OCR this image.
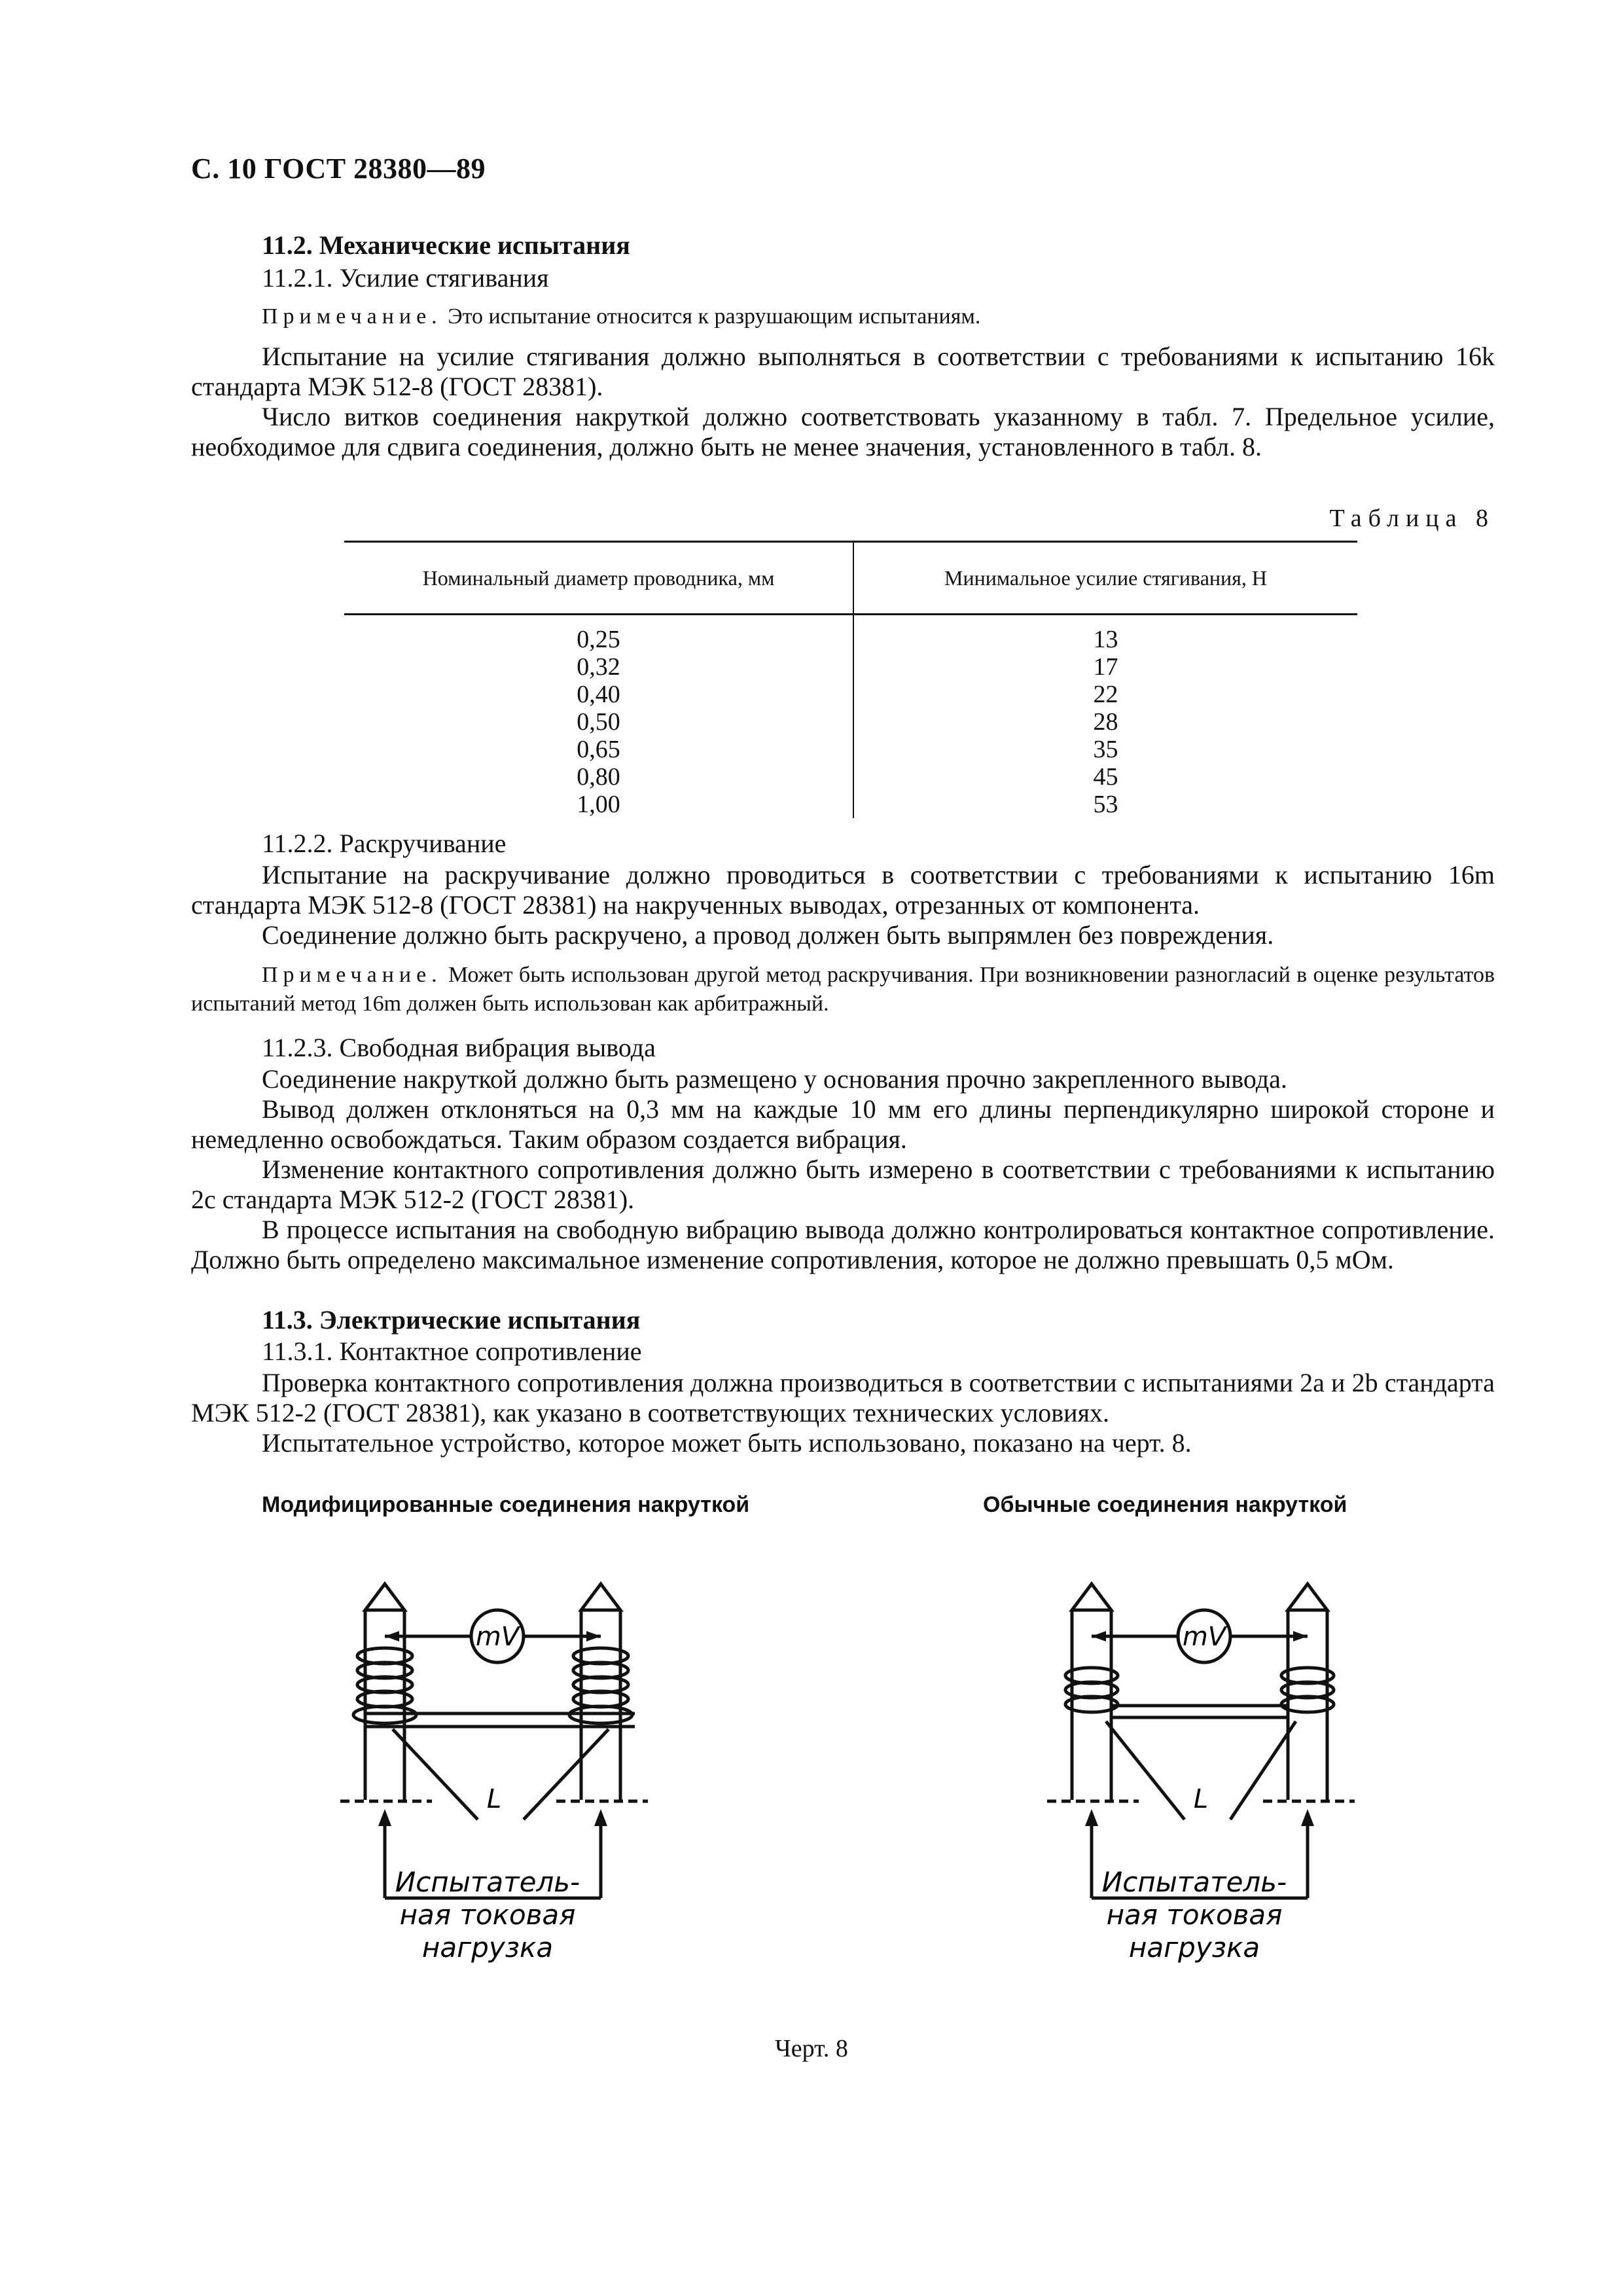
С. 10 ГОСТ 28380—89
11.2. Механические испытания
11.2.1. Усилие стягивания
Примечание. Это испытание относится к разрушающим испытаниям.
Испытание на усилие стягивания должно выполняться в соответствии с требованиями к испытанию 16k стандарта МЭК 512-8 (ГОСТ 28381).
Число витков соединения накруткой должно соответствовать указанному в табл. 7. Предельное усилие, необходимое для сдвига соединения, должно быть не менее значения, установленного в табл. 8.
Таблица 8
Номинальный диаметр проводника, мм	Минимальное усилие стягивания, Н
0,25	13
0,32	17
0,40	22
0,50	28
0,65	35
0,80	45
1,00	53
11.2.2. Раскручивание
Испытание на раскручивание должно проводиться в соответствии с требованиями к испытанию 16m стандарта МЭК 512-8 (ГОСТ 28381) на накрученных выводах, отрезанных от компонента.
Соединение должно быть раскручено, а провод должен быть выпрямлен без повреждения.
Примечание. Может быть использован другой метод раскручивания. При возникновении разногласий в оценке результатов испытаний метод 16m должен быть использован как арбитражный.
11.2.3. Свободная вибрация вывода
Соединение накруткой должно быть размещено у основания прочно закрепленного вывода.
Вывод должен отклоняться на 0,3 мм на каждые 10 мм его длины перпендикулярно широкой стороне и немедленно освобождаться. Таким образом создается вибрация.
Изменение контактного сопротивления должно быть измерено в соответствии с требованиями к испытанию 2с стандарта МЭК 512-2 (ГОСТ 28381).
В процессе испытания на свободную вибрацию вывода должно контролироваться контактное сопротивление. Должно быть определено максимальное изменение сопротивления, которое не должно превышать 0,5 мОм.
11.3. Электрические испытания
11.3.1. Контактное сопротивление
Проверка контактного сопротивления должна производиться в соответствии с испытаниями 2а и 2b стандарта МЭК 512-2 (ГОСТ 28381), как указано в соответствующих технических условиях.
Испытательное устройство, которое может быть использовано, показано на черт. 8.
Модифицированные соединения накруткой	Обычные соединения накруткой
mV
L
Испытатель-
ная токовая
нагрузка
mV
L
Испытатель-
ная токовая
нагрузка
Черт. 8
